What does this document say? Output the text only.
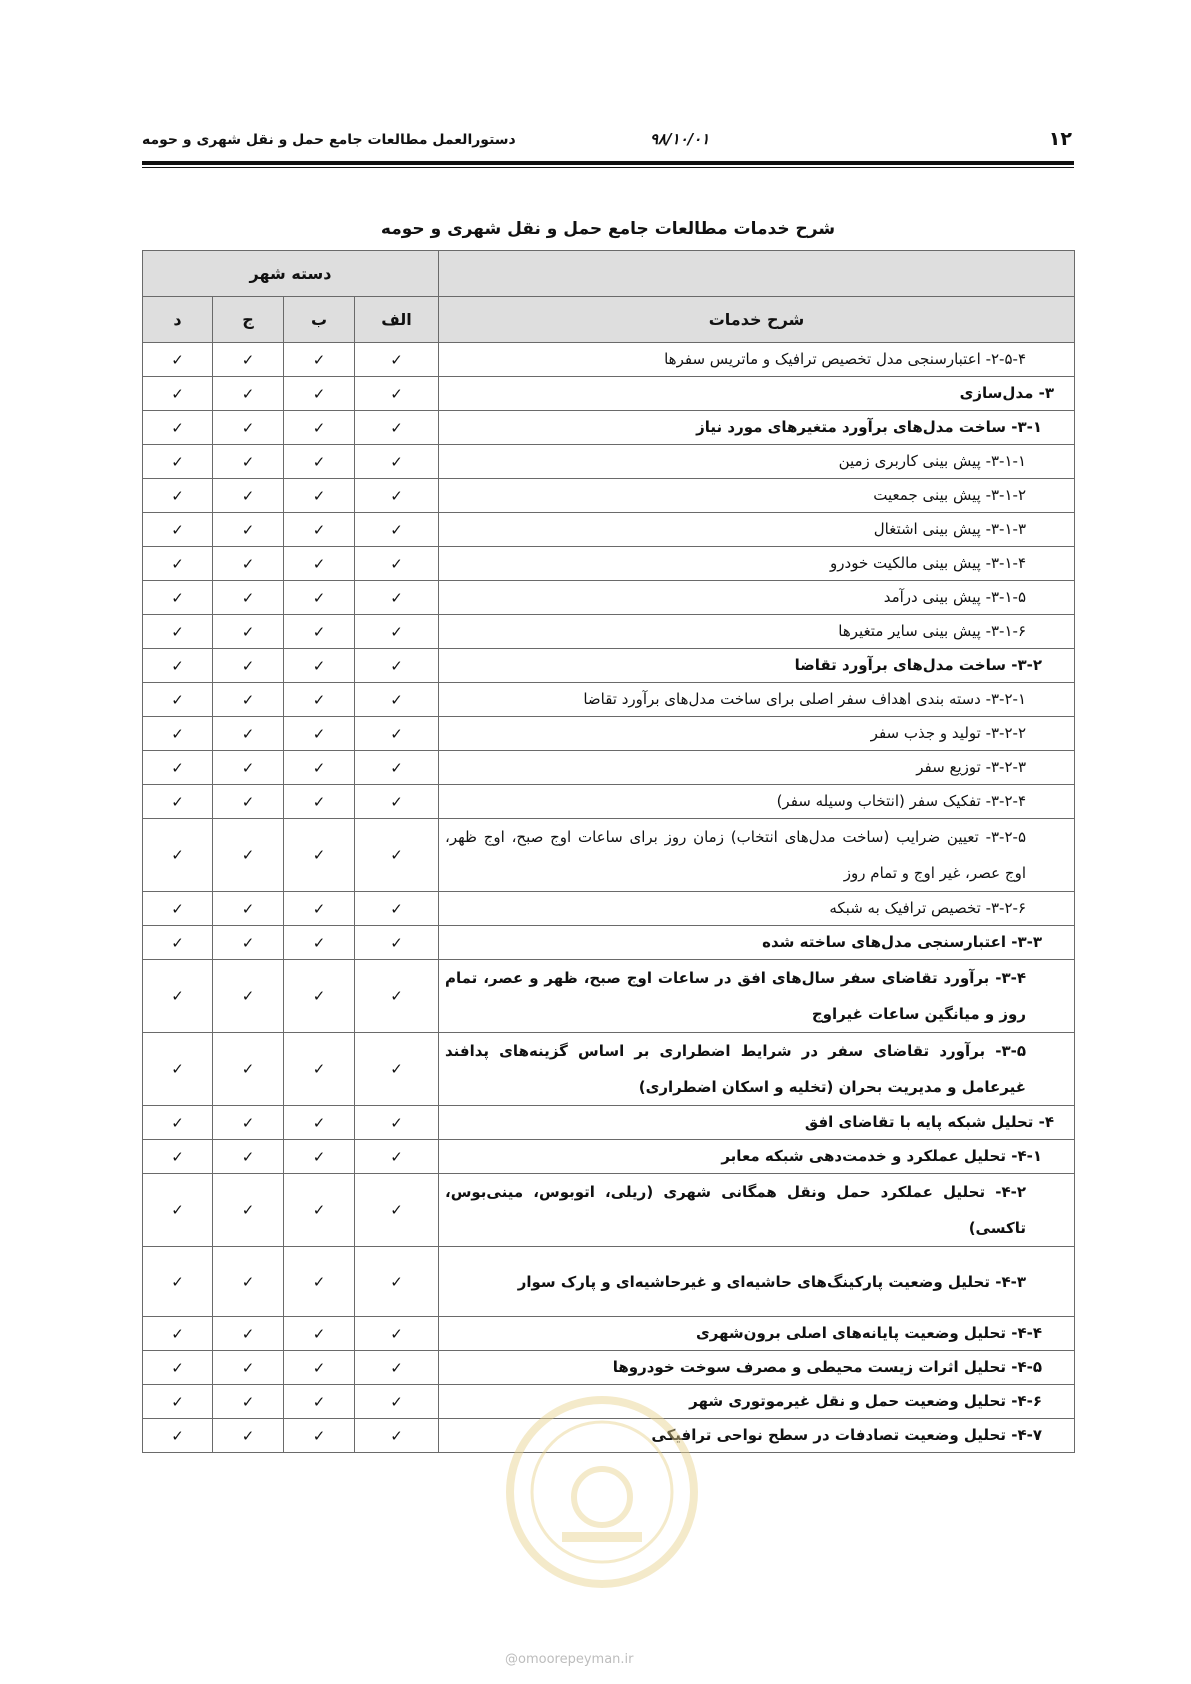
۱۲
۹۸/۱۰/۰۱
دستورالعمل مطالعات جامع حمل و نقل شهری و حومه
شرح خدمات مطالعات جامع حمل و نقل شهری و حومه
	دسته شهر			
شرح خدمات	الف	ب	ج	د
۲-۵-۴- اعتبارسنجی مدل تخصیص ترافیک و ماتریس سفرها	✓	✓	✓	✓
۳- مدل‌سازی	✓	✓	✓	✓
۳-۱- ساخت مدل‌های برآورد متغیرهای مورد نیاز	✓	✓	✓	✓
۳-۱-۱- پیش بینی کاربری زمین	✓	✓	✓	✓
۳-۱-۲- پیش بینی جمعیت	✓	✓	✓	✓
۳-۱-۳- پیش بینی اشتغال	✓	✓	✓	✓
۳-۱-۴- پیش بینی مالکیت خودرو	✓	✓	✓	✓
۳-۱-۵- پیش بینی درآمد	✓	✓	✓	✓
۳-۱-۶- پیش بینی سایر متغیرها	✓	✓	✓	✓
۳-۲- ساخت مدل‌های برآورد تقاضا	✓	✓	✓	✓
۳-۲-۱- دسته بندی اهداف سفر اصلی برای ساخت مدل‌های برآورد تقاضا	✓	✓	✓	✓
۳-۲-۲- تولید و جذب سفر	✓	✓	✓	✓
۳-۲-۳- توزیع سفر	✓	✓	✓	✓
۳-۲-۴- تفکیک سفر (انتخاب وسیله سفر)	✓	✓	✓	✓
۳-۲-۵- تعیین ضرایب (ساخت مدل‌های انتخاب) زمان روز برای ساعات اوج صبح، اوج ظهر، اوج عصر، غیر اوج و تمام روز	✓	✓	✓	✓
۳-۲-۶- تخصیص ترافیک به شبکه	✓	✓	✓	✓
۳-۳- اعتبارسنجی مدل‌های ساخته شده	✓	✓	✓	✓
۳-۴- برآورد تقاضای سفر سال‌های افق در ساعات اوج صبح، ظهر و عصر، تمام روز و میانگین ساعات غیراوج	✓	✓	✓	✓
۳-۵- برآورد تقاضای سفر در شرایط اضطراری بر اساس گزینه‌های پدافند غیرعامل و مدیریت بحران (تخلیه و اسکان اضطراری)	✓	✓	✓	✓
۴- تحلیل شبکه پایه با تقاضای افق	✓	✓	✓	✓
۴-۱- تحلیل عملکرد و خدمت‌دهی شبکه معابر	✓	✓	✓	✓
۴-۲- تحلیل عملکرد حمل ونقل همگانی شهری (ریلی، اتوبوس، مینی‌بوس، تاکسی)	✓	✓	✓	✓
۴-۳- تحلیل وضعیت پارکینگ‌های حاشیه‌ای و غیرحاشیه‌ای و پارک سوار	✓	✓	✓	✓
۴-۴- تحلیل وضعیت پایانه‌های اصلی برون‌شهری	✓	✓	✓	✓
۴-۵- تحلیل اثرات زیست محیطی و مصرف سوخت خودروها	✓	✓	✓	✓
۴-۶- تحلیل وضعیت حمل و نقل غیرموتوری شهر	✓	✓	✓	✓
۴-۷- تحلیل وضعیت تصادفات در سطح نواحی ترافیکی	✓	✓	✓	✓
@omoorepeyman.ir
